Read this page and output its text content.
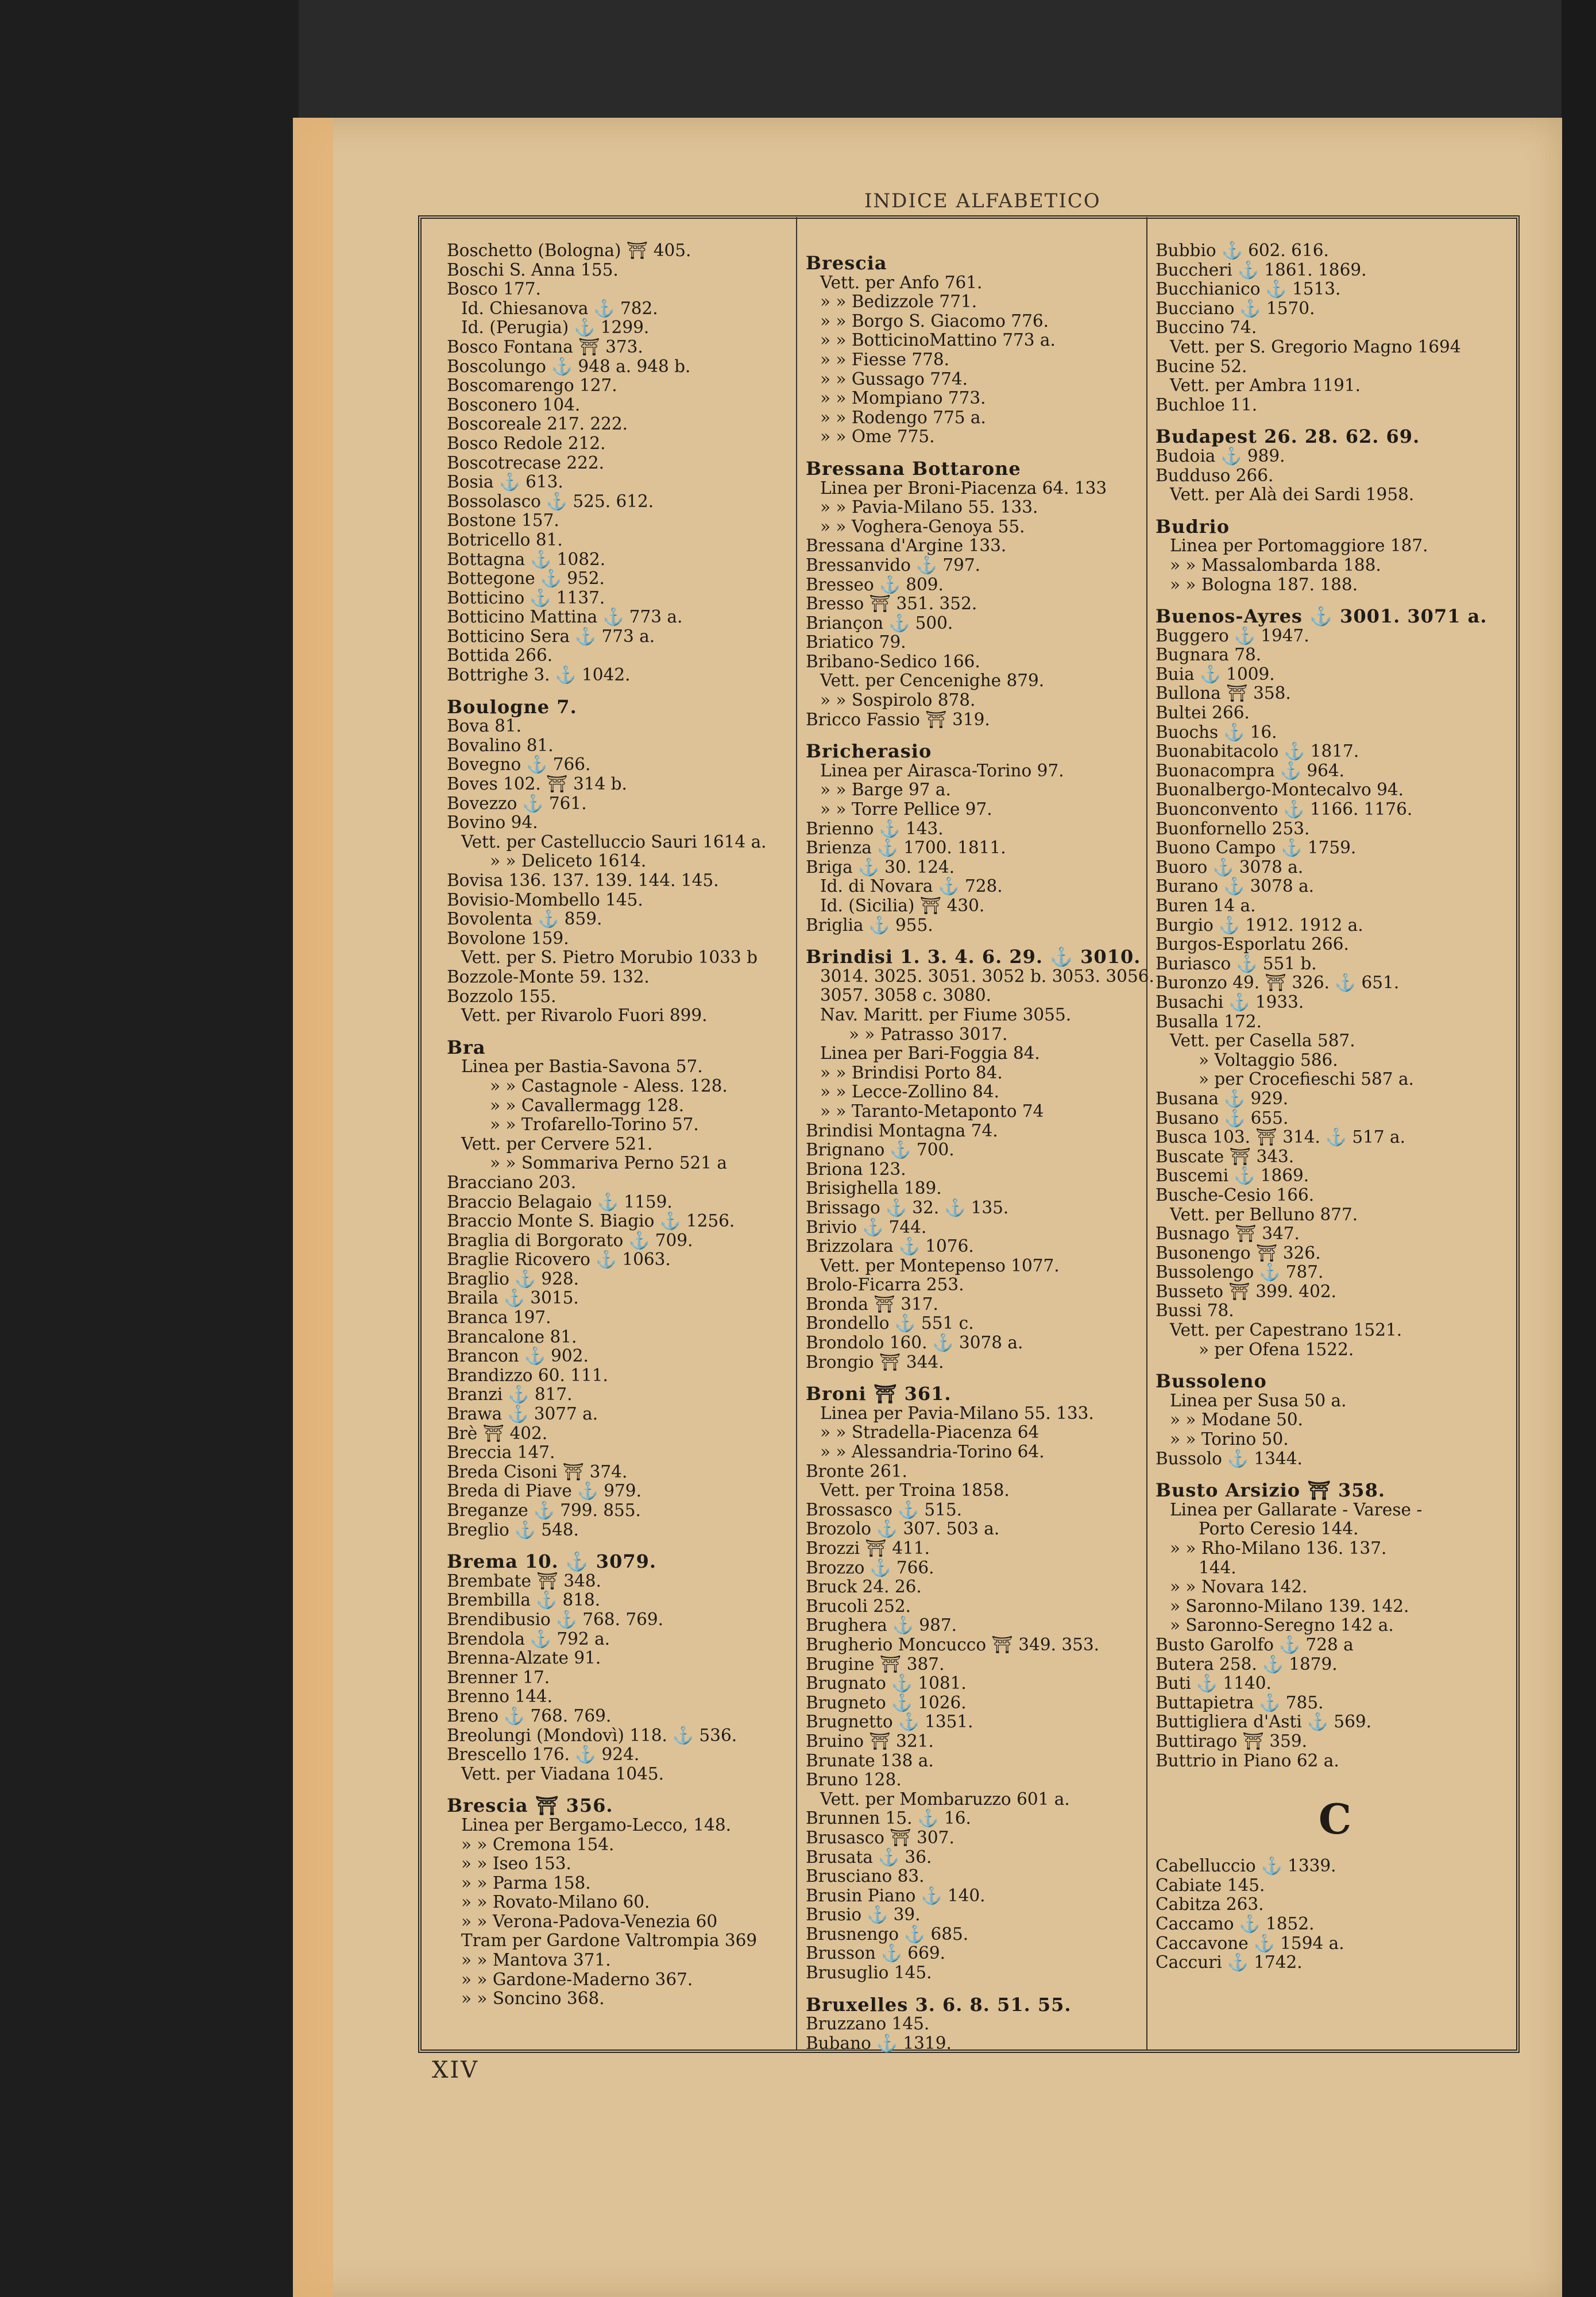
INDICE ALFABETICO
Boschetto (Bologna) ⛩ 405.
Boschi S. Anna 155.
Bosco 177.
Id. Chiesanova ⚓ 782.
Id. (Perugia) ⚓ 1299.
Bosco Fontana ⛩ 373.
Boscolungo ⚓ 948 a. 948 b.
Boscomarengo 127.
Bosconero 104.
Boscoreale 217. 222.
Bosco Redole 212.
Boscotrecase 222.
Bosia ⚓ 613.
Bossolasco ⚓ 525. 612.
Bostone 157.
Botricello 81.
Bottagna ⚓ 1082.
Bottegone ⚓ 952.
Botticino ⚓ 1137.
Botticino Mattina ⚓ 773 a.
Botticino Sera ⚓ 773 a.
Bottida 266.
Bottrighe 3. ⚓ 1042.
Boulogne 7.
Bova 81.
Bovalino 81.
Bovegno ⚓ 766.
Boves 102. ⛩ 314 b.
Bovezzo ⚓ 761.
Bovino 94.
Vett. per Castelluccio Sauri 1614 a.
» » Deliceto 1614.
Bovisa 136. 137. 139. 144. 145.
Bovisio-Mombello 145.
Bovolenta ⚓ 859.
Bovolone 159.
Vett. per S. Pietro Morubio 1033 b
Bozzole-Monte 59. 132.
Bozzolo 155.
Vett. per Rivarolo Fuori 899.
Bra
Linea per Bastia-Savona 57.
» » Castagnole - Aless. 128.
» » Cavallermagg 128.
» » Trofarello-Torino 57.
Vett. per Cervere 521.
» » Sommariva Perno 521 a
Bracciano 203.
Braccio Belagaio ⚓ 1159.
Braccio Monte S. Biagio ⚓ 1256.
Braglia di Borgorato ⚓ 709.
Braglie Ricovero ⚓ 1063.
Braglio ⚓ 928.
Braila ⚓ 3015.
Branca 197.
Brancalone 81.
Brancon ⚓ 902.
Brandizzo 60. 111.
Branzi ⚓ 817.
Brawa ⚓ 3077 a.
Brè ⛩ 402.
Breccia 147.
Breda Cisoni ⛩ 374.
Breda di Piave ⚓ 979.
Breganze ⚓ 799. 855.
Breglio ⚓ 548.
Brema 10. ⚓ 3079.
Brembate ⛩ 348.
Brembilla ⚓ 818.
Brendibusio ⚓ 768. 769.
Brendola ⚓ 792 a.
Brenna-Alzate 91.
Brenner 17.
Brenno 144.
Breno ⚓ 768. 769.
Breolungi (Mondovì) 118. ⚓ 536.
Brescello 176. ⚓ 924.
Vett. per Viadana 1045.
Brescia ⛩ 356.
Linea per Bergamo-Lecco, 148.
» » Cremona 154.
» » Iseo 153.
» » Parma 158.
» » Rovato-Milano 60.
» » Verona-Padova-Venezia 60
Tram per Gardone Valtrompia 369
» » Mantova 371.
» » Gardone-Maderno 367.
» » Soncino 368.
Brescia
Vett. per Anfo 761.
» » Bedizzole 771.
» » Borgo S. Giacomo 776.
» » BotticinoMattino 773 a.
» » Fiesse 778.
» » Gussago 774.
» » Mompiano 773.
» » Rodengo 775 a.
» » Ome 775.
Bressana Bottarone
Linea per Broni-Piacenza 64. 133
» » Pavia-Milano 55. 133.
» » Voghera-Genoya 55.
Bressana d'Argine 133.
Bressanvido ⚓ 797.
Bresseo ⚓ 809.
Bresso ⛩ 351. 352.
Briançon ⚓ 500.
Briatico 79.
Bribano-Sedico 166.
Vett. per Cencenighe 879.
» » Sospirolo 878.
Bricco Fassio ⛩ 319.
Bricherasio
Linea per Airasca-Torino 97.
» » Barge 97 a.
» » Torre Pellice 97.
Brienno ⚓ 143.
Brienza ⚓ 1700. 1811.
Briga ⚓ 30. 124.
Id. di Novara ⚓ 728.
Id. (Sicilia) ⛩ 430.
Briglia ⚓ 955.
Brindisi 1. 3. 4. 6. 29. ⚓ 3010.
3014. 3025. 3051. 3052 b. 3053. 3056.
3057. 3058 c. 3080.
Nav. Maritt. per Fiume 3055.
» » Patrasso 3017.
Linea per Bari-Foggia 84.
» » Brindisi Porto 84.
» » Lecce-Zollino 84.
» » Taranto-Metaponto 74
Brindisi Montagna 74.
Brignano ⚓ 700.
Briona 123.
Brisighella 189.
Brissago ⚓ 32. ⚓ 135.
Brivio ⚓ 744.
Brizzolara ⚓ 1076.
Vett. per Montepenso 1077.
Brolo-Ficarra 253.
Bronda ⛩ 317.
Brondello ⚓ 551 c.
Brondolo 160. ⚓ 3078 a.
Brongio ⛩ 344.
Broni ⛩ 361.
Linea per Pavia-Milano 55. 133.
» » Stradella-Piacenza 64
» » Alessandria-Torino 64.
Bronte 261.
Vett. per Troina 1858.
Brossasco ⚓ 515.
Brozolo ⚓ 307. 503 a.
Brozzi ⛩ 411.
Brozzo ⚓ 766.
Bruck 24. 26.
Brucoli 252.
Brughera ⚓ 987.
Brugherio Moncucco ⛩ 349. 353.
Brugine ⛩ 387.
Brugnato ⚓ 1081.
Brugneto ⚓ 1026.
Brugnetto ⚓ 1351.
Bruino ⛩ 321.
Brunate 138 a.
Bruno 128.
Vett. per Mombaruzzo 601 a.
Brunnen 15. ⚓ 16.
Brusasco ⛩ 307.
Brusata ⚓ 36.
Brusciano 83.
Brusin Piano ⚓ 140.
Brusio ⚓ 39.
Brusnengo ⚓ 685.
Brusson ⚓ 669.
Brusuglio 145.
Bruxelles 3. 6. 8. 51. 55.
Bruzzano 145.
Bubano ⚓ 1319.
Bubbio ⚓ 602. 616.
Buccheri ⚓ 1861. 1869.
Bucchianico ⚓ 1513.
Bucciano ⚓ 1570.
Buccino 74.
Vett. per S. Gregorio Magno 1694
Bucine 52.
Vett. per Ambra 1191.
Buchloe 11.
Budapest 26. 28. 62. 69.
Budoia ⚓ 989.
Budduso 266.
Vett. per Alà dei Sardi 1958.
Budrio
Linea per Portomaggiore 187.
» » Massalombarda 188.
» » Bologna 187. 188.
Buenos-Ayres ⚓ 3001. 3071 a.
Buggero ⚓ 1947.
Bugnara 78.
Buia ⚓ 1009.
Bullona ⛩ 358.
Bultei 266.
Buochs ⚓ 16.
Buonabitacolo ⚓ 1817.
Buonacompra ⚓ 964.
Buonalbergo-Montecalvo 94.
Buonconvento ⚓ 1166. 1176.
Buonfornello 253.
Buono Campo ⚓ 1759.
Buoro ⚓ 3078 a.
Burano ⚓ 3078 a.
Buren 14 a.
Burgio ⚓ 1912. 1912 a.
Burgos-Esporlatu 266.
Buriasco ⚓ 551 b.
Buronzo 49. ⛩ 326. ⚓ 651.
Busachi ⚓ 1933.
Busalla 172.
Vett. per Casella 587.
» Voltaggio 586.
» per Crocefieschi 587 a.
Busana ⚓ 929.
Busano ⚓ 655.
Busca 103. ⛩ 314. ⚓ 517 a.
Buscate ⛩ 343.
Buscemi ⚓ 1869.
Busche-Cesio 166.
Vett. per Belluno 877.
Busnago ⛩ 347.
Busonengo ⛩ 326.
Bussolengo ⚓ 787.
Busseto ⛩ 399. 402.
Bussi 78.
Vett. per Capestrano 1521.
» per Ofena 1522.
Bussoleno
Linea per Susa 50 a.
» » Modane 50.
» » Torino 50.
Bussolo ⚓ 1344.
Busto Arsizio ⛩ 358.
Linea per Gallarate - Varese -
Porto Ceresio 144.
» » Rho-Milano 136. 137.
144.
» » Novara 142.
» Saronno-Milano 139. 142.
» Saronno-Seregno 142 a.
Busto Garolfo ⚓ 728 a
Butera 258. ⚓ 1879.
Buti ⚓ 1140.
Buttapietra ⚓ 785.
Buttigliera d'Asti ⚓ 569.
Buttirago ⛩ 359.
Buttrio in Piano 62 a.
C
Cabelluccio ⚓ 1339.
Cabiate 145.
Cabitza 263.
Caccamo ⚓ 1852.
Caccavone ⚓ 1594 a.
Caccuri ⚓ 1742.
XIV
